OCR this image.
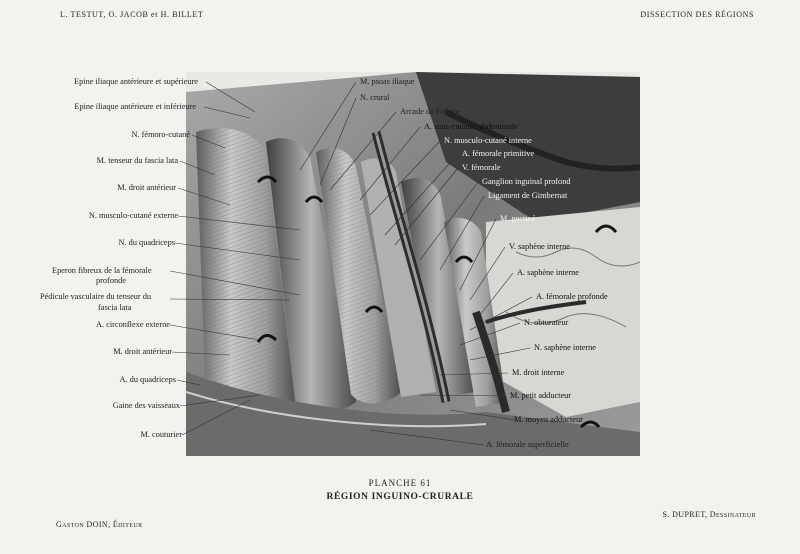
L. TESTUT, O. JACOB et H. BILLET	DISSECTION DES RÉGIONS
Epine iliaque antérieure et supérieure
Epine iliaque antérieure et inférieure
N. fémoro-cutané
M. tenseur du fascia lata
M. droit antérieur
N. musculo-cutané externe
N. du quadriceps
Eperon fibreux de la fémorale
profonde
Pédicule vasculaire du tenseur du
fascia lata
A. circonflexe externe
M. droit antérieur
A. du quadriceps
Gaine des vaisseaux
M. couturier
M. psoas iliaque
N. crural
Arcade de Fallope
A. sous-cutanée abdominale
N. musculo-cutané interne
A. fémorale primitive
V. fémorale
Ganglion inguinal profond
Ligament de Gimbernat
M. pectiné
V. saphène interne
A. saphène interne
A. fémorale profonde
N. obturateur
N. saphène interne
M. droit interne
M. petit adducteur
M. moyen adducteur
A. fémorale superficielle
PLANCHE 61
RÉGION INGUINO-CRURALE
Gaston DOIN, Éditeur
S. DUPRET, Dessinateur
